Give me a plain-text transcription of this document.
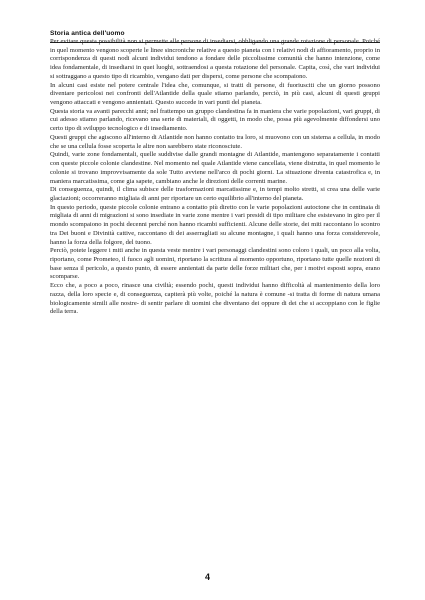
Storia antica dell'uomo

Per evitare questa possibilità non si permette alle persone di insediarsi, obbligando una grande rotazione di personale. Poiché in quel momento vengono scoperte le linee sincroniche relative a questo pianeta con i relativi nodi di affioramento, proprio in corrispondenza di questi nodi alcuni individui tendono a fondare delle piccolissime comunità che hanno intenzione, come idea fondamentale, di insediarsi in quei luoghi, sottraendosi a questa rotazione del personale. Capita, così, che vari individui si sottraggano a questo tipo di ricambio, vengano dati per dispersi, come persone che scompaiono.

In alcuni casi esiste nel potere centrale l'idea che, comunque, si tratti di persone, di fuoriusciti che un giorno possono diventare pericolosi nei confronti dell'Atlantide della quale stiamo parlando, perciò, in più casi, alcuni di questi gruppi vengono attaccati e vengono annientati. Questo succede in vari punti del pianeta.

Questa storia va avanti parecchi anni; nel frattempo un gruppo clandestina fa in maniera che varie popolazioni, vari gruppi, di cui adesso stiamo parlando, ricevano una serie di materiali, di oggetti, in modo che, possa più agevolmente diffondersi uno certo tipo di sviluppo tecnologico e di insediamento.

Questi gruppi che agiscono all'interno di Atlantide non hanno contatto tra loro, si muovono con un sistema a cellula, in modo che se una cellula fosse scoperta le altre non sarebbero state riconosciute.

Quindi, varie zone fondamentali, quelle suddivise dalle grandi montagne di Atlantide, mantengono separatamente i contatti con queste piccole colonie clandestine. Nel momento nel quale Atlantide viene cancellata, viene distrutta, in quel momento le colonie si trovano improvvisamente da sole Tutto avviene nell'arco di pochi giorni. La situazione diventa catastrofica e, in maniera marcatissima, come gia sapete, cambiano anche le direzioni delle correnti marine.

Di conseguenza, quindi, il clima subisce delle trasformazioni marcatissime e, in tempi molto stretti, si crea una delle varie glaciazioni; occorreranno migliaia di anni per riportare un certo equilibrio all'interno del pianeta.

In questo periodo, queste piccole colonie entrano a contatto più diretto con le varie popolazioni autoctone che in centinaia di migliaia di anni di migrazioni si sono insediate in varie zone mentre i vari presidi di tipo militare che esistevano in giro per il mondo scompaiono in pochi decenni perché non hanno ricambi sufficienti. Alcune delle storie, dei miti raccontano lo scontro tra Dei buoni e Divinità cattive, raccontano di dei asserragliati su alcune montagne, i quali hanno una forza considerevole, hanno la forza della folgore, del tuono.

Perciò, potete leggere i miti anche in questa veste mentre i vari personaggi clandestini sono coloro i quali, un poco alla volta, riportano, come Prometeo, il fuoco agli uomini, riportano la scrittura al momento opportuno, riportano tutte quelle nozioni di base senza il pericolo, a questo punto, di essere annientati da parte delle forze militari che, per i motivi esposti sopra, erano scomparse.

Ecco che, a poco a poco, rinasce una civiltà; essendo pochi, questi individui hanno difficoltà al mantenimento della loro razza, della loro specie e, di conseguenza, capiterà più volte, poiché la natura è comune -si tratta di forme di natura umana biologicamente simili alle nostre- di sentir parlare di uomini che diventano dei oppure di dei che si accoppiano con le figlie della terra.

4
